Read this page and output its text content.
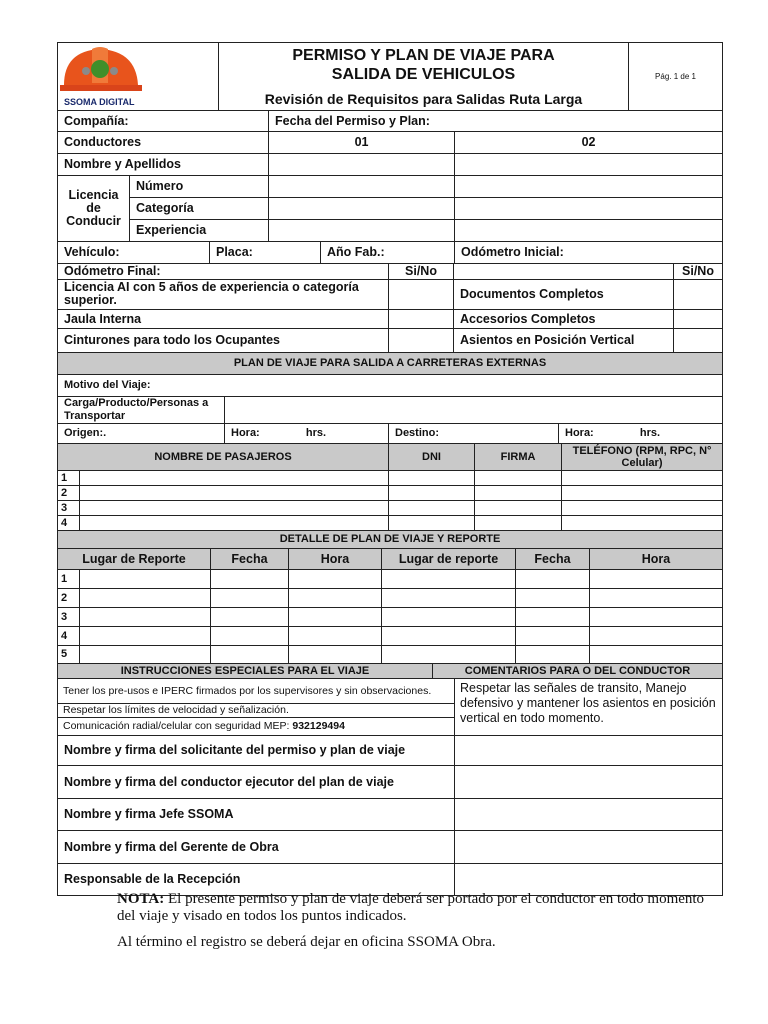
SSOMA DIGITAL

PERMISO Y PLAN DE VIAJE PARA SALIDA DE VEHICULOS
Revisión de Requisitos para Salidas Ruta Larga
	Pág. 1 de 1
Compañía:			Fecha del Permiso y Plan:		
Conductores			01		02
Nombre y Apellidos					
Licencia de Conducir	Número				
	Categoría				
	Experiencia				
Vehículo:		Placa:		Año Fab.:	Odómetro Inicial:
Odómetro Final:	Si/No		Si/No
Licencia AI con 5 años de experiencia o categoría superior.		Documentos Completos	
Jaula Interna		Accesorios Completos	
Cinturones para todo los Ocupantes		Asientos en Posición Vertical	
PLAN DE VIAJE PARA SALIDA A CARRETERAS EXTERNAS			
Motivo del Viaje:			
Carga/Producto/Personas a Transportar			
Origen:.	Hora: hrs.	Destino:	Hora: hrs.
NOMBRE DE PASAJEROS		DNI	FIRMA	TELÉFONO (RPM, RPC, N° Celular)
1				
2				
3				
4				
DETALLE DE PLAN DE VIAJE Y REPORTE						
Lugar de Reporte		Fecha	Hora	Lugar de reporte	Fecha	Hora
1						
2						
3						
4						
5						
INSTRUCCIONES ESPECIALES PARA EL VIAJE	COMENTARIOS PARA O DEL CONDUCTOR	
Tener los pre-usos e IPERC firmados por los supervisores y sin observaciones.		Respetar las señales de transito, Manejo defensivo y mantener los asientos en posición vertical en todo momento.
Respetar los límites de velocidad y señalización.		
Comunicación radial/celular con seguridad MEP: 932129494		
Nombre y firma del solicitante del permiso y plan de viaje	
Nombre y firma del conductor ejecutor del plan de viaje	
Nombre y firma Jefe SSOMA	
Nombre y firma del Gerente de Obra	
Responsable de la Recepción	

NOTA: El presente permiso y plan de viaje deberá ser portado por el conductor en todo momento del viaje y visado en todos los puntos indicados.

Al término el registro se deberá dejar en oficina SSOMA Obra.
